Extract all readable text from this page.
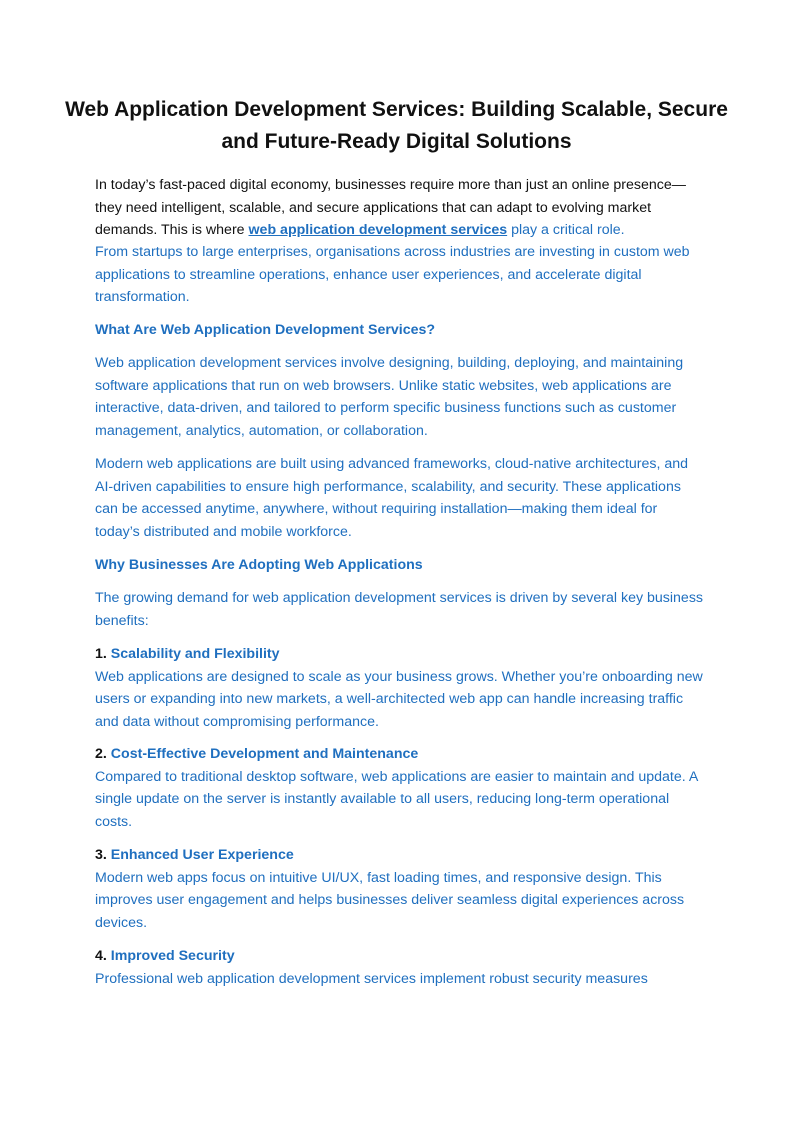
Web Application Development Services: Building Scalable, Secure and Future-Ready Digital Solutions

In today’s fast-paced digital economy, businesses require more than just an online presence—they need intelligent, scalable, and secure applications that can adapt to evolving market demands. This is where web application development services play a critical role.

From startups to large enterprises, organisations across industries are investing in custom web applications to streamline operations, enhance user experiences, and accelerate digital transformation.

What Are Web Application Development Services?

Web application development services involve designing, building, deploying, and maintaining software applications that run on web browsers. Unlike static websites, web applications are interactive, data-driven, and tailored to perform specific business functions such as customer management, analytics, automation, or collaboration.

Modern web applications are built using advanced frameworks, cloud-native architectures, and AI-driven capabilities to ensure high performance, scalability, and security. These applications can be accessed anytime, anywhere, without requiring installation—making them ideal for today’s distributed and mobile workforce.

Why Businesses Are Adopting Web Applications

The growing demand for web application development services is driven by several key business benefits:

1. Scalability and Flexibility
Web applications are designed to scale as your business grows. Whether you’re onboarding new users or expanding into new markets, a well-architected web app can handle increasing traffic and data without compromising performance.
2. Cost-Effective Development and Maintenance
Compared to traditional desktop software, web applications are easier to maintain and update. A single update on the server is instantly available to all users, reducing long-term operational costs.
3. Enhanced User Experience
Modern web apps focus on intuitive UI/UX, fast loading times, and responsive design. This improves user engagement and helps businesses deliver seamless digital experiences across devices.
4. Improved Security
Professional web application development services implement robust security measures
